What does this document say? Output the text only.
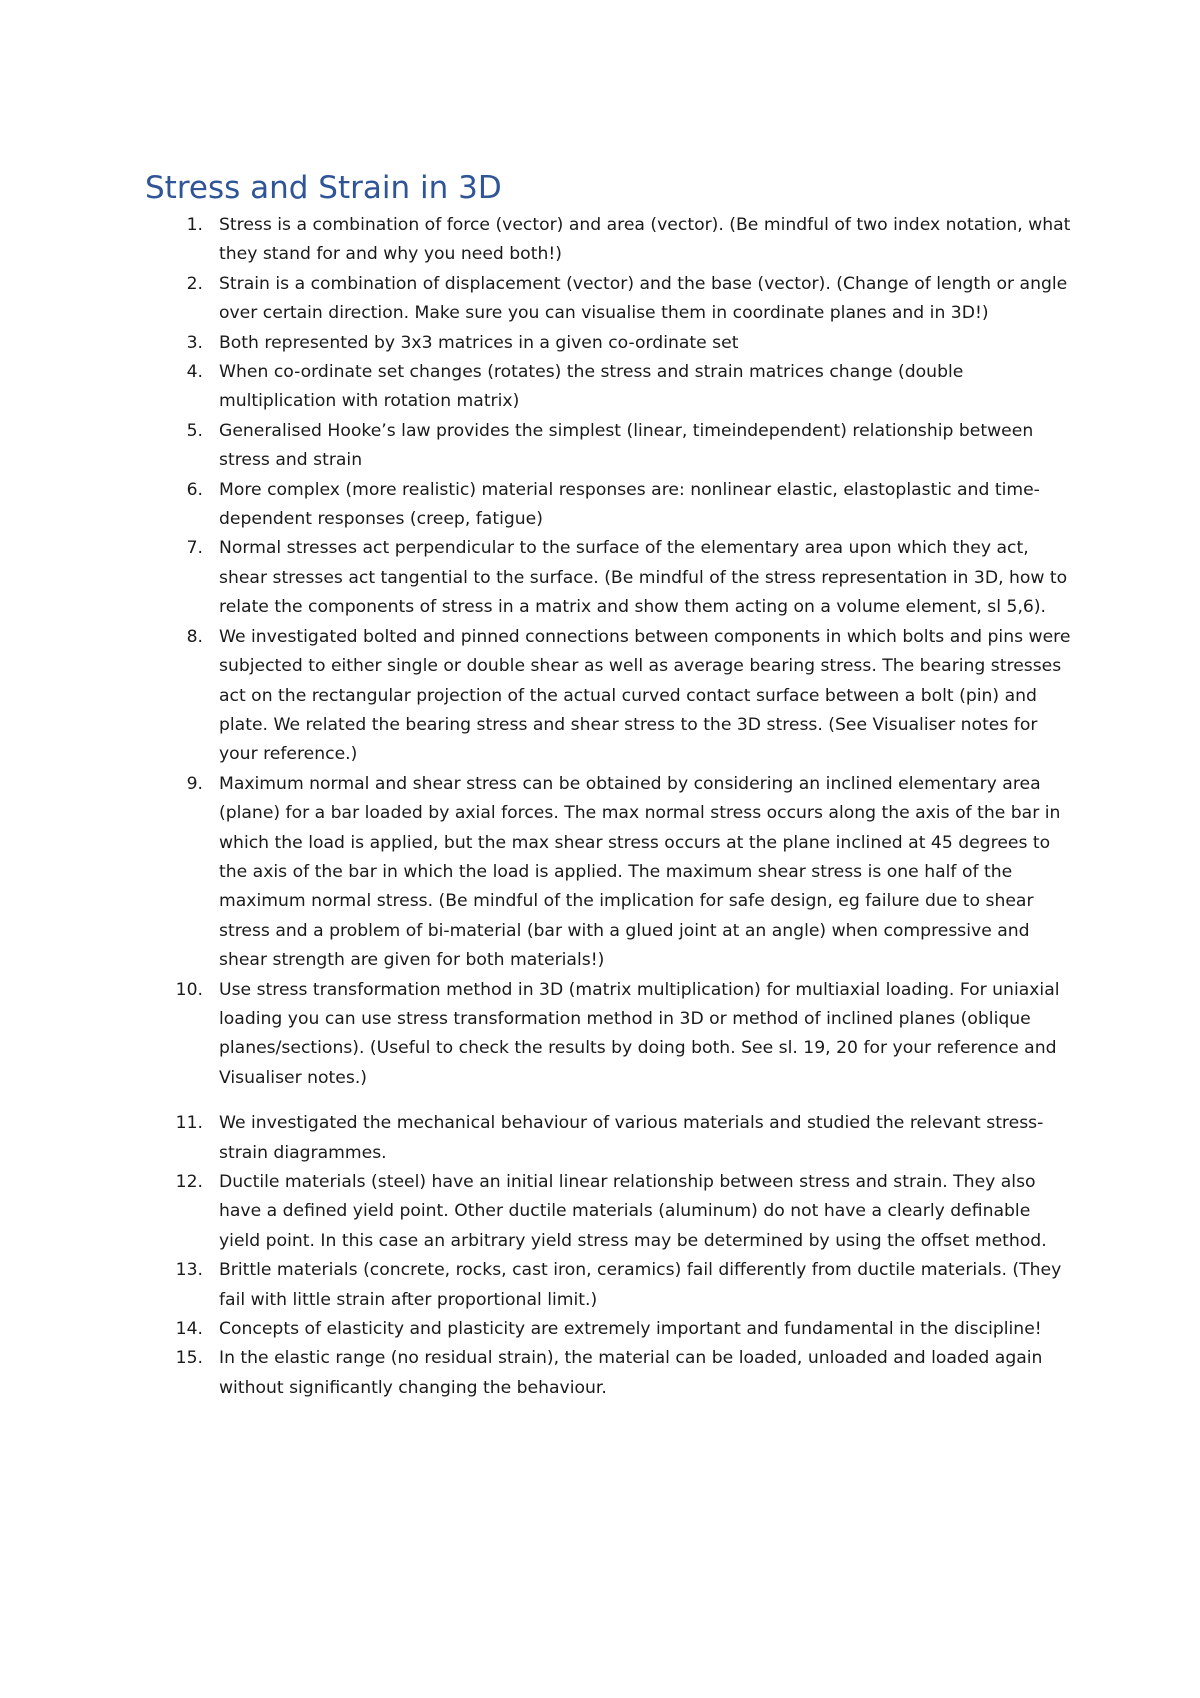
Stress and Strain in 3D
1. Stress is a combination of force (vector) and area (vector). (Be mindful of two index notation, what they stand for and why you need both!)
2. Strain is a combination of displacement (vector) and the base (vector). (Change of length or angle over certain direction. Make sure you can visualise them in coordinate planes and in 3D!)
3. Both represented by 3x3 matrices in a given co-ordinate set
4. When co-ordinate set changes (rotates) the stress and strain matrices change (double multiplication with rotation matrix)
5. Generalised Hooke’s law provides the simplest (linear, timeindependent) relationship between stress and strain
6. More complex (more realistic) material responses are: nonlinear elastic, elastoplastic and time-dependent responses (creep, fatigue)
7. Normal stresses act perpendicular to the surface of the elementary area upon which they act, shear stresses act tangential to the surface. (Be mindful of the stress representation in 3D, how to relate the components of stress in a matrix and show them acting on a volume element, sl 5,6).
8. We investigated bolted and pinned connections between components in which bolts and pins were subjected to either single or double shear as well as average bearing stress. The bearing stresses act on the rectangular projection of the actual curved contact surface between a bolt (pin) and plate. We related the bearing stress and shear stress to the 3D stress. (See Visualiser notes for your reference.)
9. Maximum normal and shear stress can be obtained by considering an inclined elementary area (plane) for a bar loaded by axial forces. The max normal stress occurs along the axis of the bar in which the load is applied, but the max shear stress occurs at the plane inclined at 45 degrees to the axis of the bar in which the load is applied. The maximum shear stress is one half of the maximum normal stress. (Be mindful of the implication for safe design, eg failure due to shear stress and a problem of bi-material (bar with a glued joint at an angle) when compressive and shear strength are given for both materials!)
10. Use stress transformation method in 3D (matrix multiplication) for multiaxial loading. For uniaxial loading you can use stress transformation method in 3D or method of inclined planes (oblique planes/sections). (Useful to check the results by doing both. See sl. 19, 20 for your reference and Visualiser notes.)
11. We investigated the mechanical behaviour of various materials and studied the relevant stress-strain diagrammes.
12. Ductile materials (steel) have an initial linear relationship between stress and strain. They also have a defined yield point. Other ductile materials (aluminum) do not have a clearly definable yield point. In this case an arbitrary yield stress may be determined by using the offset method.
13. Brittle materials (concrete, rocks, cast iron, ceramics) fail differently from ductile materials. (They fail with little strain after proportional limit.)
14. Concepts of elasticity and plasticity are extremely important and fundamental in the discipline!
15. In the elastic range (no residual strain), the material can be loaded, unloaded and loaded again without significantly changing the behaviour.
